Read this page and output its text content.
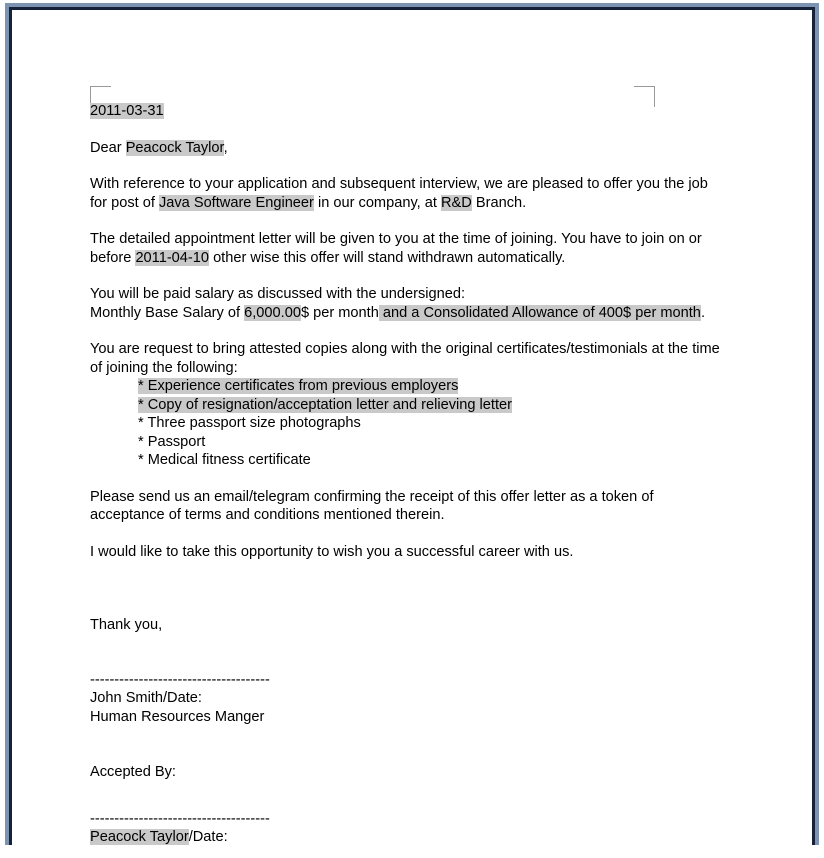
2011-03-31
Dear Peacock Taylor,
With reference to your application and subsequent interview, we are pleased to offer you the job for post of Java Software Engineer in our company, at R&D Branch.
The detailed appointment letter will be given to you at the time of joining. You have to join on or before 2011-04-10 other wise this offer will stand withdrawn automatically.
You will be paid salary as discussed with the undersigned:
Monthly Base Salary of 6,000.00$ per month and a Consolidated Allowance of 400$ per month.
You are request to bring attested copies along with the original certificates/testimonials at the time of joining the following:
* Experience certificates from previous employers
* Copy of resignation/acceptation letter and relieving letter
* Three passport size photographs
* Passport
* Medical fitness certificate
Please send us an email/telegram confirming the receipt of this offer letter as a token of acceptance of terms and conditions mentioned therein.
I would like to take this opportunity to wish you a successful career with us.
Thank you,
-------------------------------------
John Smith/Date:
Human Resources Manger
Accepted By:
-------------------------------------
Peacock Taylor/Date:
